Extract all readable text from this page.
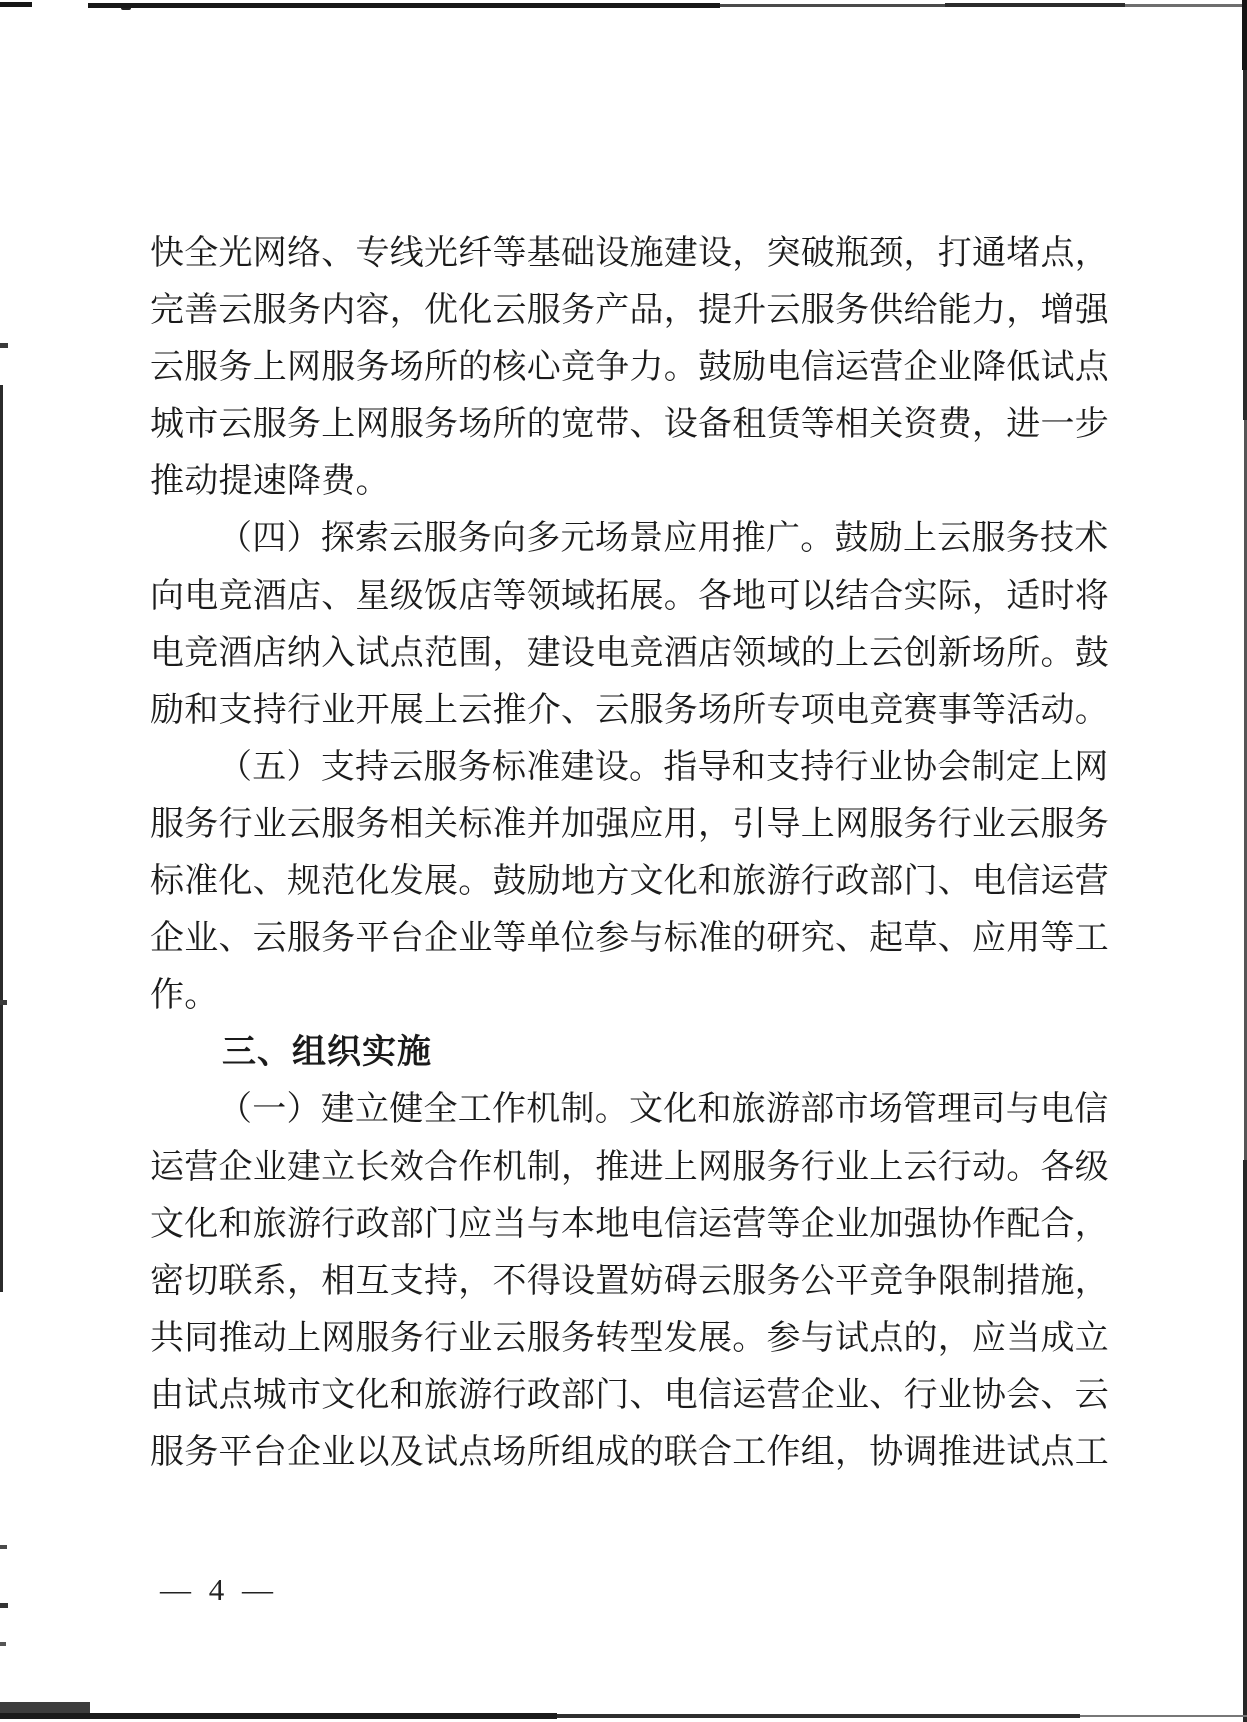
快全光网络、专线光纤等基础设施建设，突破瓶颈，打通堵点，
完善云服务内容，优化云服务产品，提升云服务供给能力，增强
云服务上网服务场所的核心竞争力。鼓励电信运营企业降低试点
城市云服务上网服务场所的宽带、设备租赁等相关资费，进一步
推动提速降费。
（四）探索云服务向多元场景应用推广。鼓励上云服务技术
向电竞酒店、星级饭店等领域拓展。各地可以结合实际，适时将
电竞酒店纳入试点范围，建设电竞酒店领域的上云创新场所。鼓
励和支持行业开展上云推介、云服务场所专项电竞赛事等活动。
（五）支持云服务标准建设。指导和支持行业协会制定上网
服务行业云服务相关标准并加强应用，引导上网服务行业云服务
标准化、规范化发展。鼓励地方文化和旅游行政部门、电信运营
企业、云服务平台企业等单位参与标准的研究、起草、应用等工
作。
三、组织实施
（一）建立健全工作机制。文化和旅游部市场管理司与电信
运营企业建立长效合作机制，推进上网服务行业上云行动。各级
文化和旅游行政部门应当与本地电信运营等企业加强协作配合，
密切联系，相互支持，不得设置妨碍云服务公平竞争限制措施，
共同推动上网服务行业云服务转型发展。参与试点的，应当成立
由试点城市文化和旅游行政部门、电信运营企业、行业协会、云
服务平台企业以及试点场所组成的联合工作组，协调推进试点工
— 4 —
